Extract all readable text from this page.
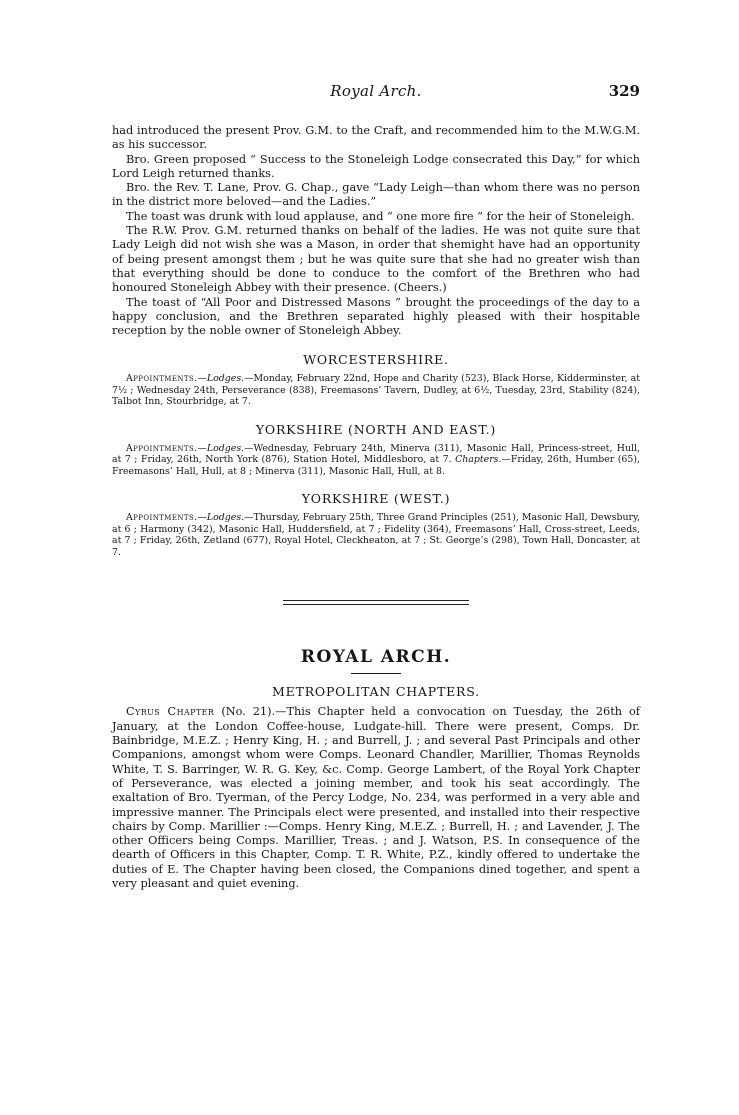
Royal Arch.	329

had introduced the present Prov. G.M. to the Craft, and recommended him to the M.W.G.M. as his successor.

Bro. Green proposed “ Success to the Stoneleigh Lodge consecrated this Day,” for which Lord Leigh returned thanks.

Bro. the Rev. T. Lane, Prov. G. Chap., gave “Lady Leigh—than whom there was no person in the district more beloved—and the Ladies.”

The toast was drunk with loud applause, and “ one more fire ” for the heir of Stoneleigh.

The R.W. Prov. G.M. returned thanks on behalf of the ladies. He was not quite sure that Lady Leigh did not wish she was a Mason, in order that shemight have had an opportunity of being present amongst them ; but he was quite sure that she had no greater wish than that everything should be done to conduce to the comfort of the Brethren who had honoured Stoneleigh Abbey with their presence. (Cheers.)

The toast of “All Poor and Distressed Masons ” brought the proceedings of the day to a happy conclusion, and the Brethren separated highly pleased with their hospitable reception by the noble owner of Stoneleigh Abbey.

WORCESTERSHIRE.

Appointments.—Lodges.—Monday, February 22nd, Hope and Charity (523), Black Horse, Kidderminster, at 7½ ; Wednesday 24th, Perseverance (838), Freemasons’ Tavern, Dudley, at 6½, Tuesday, 23rd, Stability (824), Talbot Inn, Stourbridge, at 7.

YORKSHIRE (NORTH AND EAST.)

Appointments.—Lodges.—Wednesday, February 24th, Minerva (311), Masonic Hall, Princess-street, Hull, at 7 ; Friday, 26th, North York (876), Station Hotel, Middlesboro, at 7. Chapters.—Friday, 26th, Humber (65), Freemasons’ Hall, Hull, at 8 ; Minerva (311), Masonic Hall, Hull, at 8.

YORKSHIRE (WEST.)

Appointments.—Lodges.—Thursday, February 25th, Three Grand Principles (251), Masonic Hall, Dewsbury, at 6 ; Harmony (342), Masonic Hall, Huddersfield, at 7 ; Fidelity (364), Freemasons’ Hall, Cross-street, Leeds, at 7 ; Friday, 26th, Zetland (677), Royal Hotel, Cleckheaton, at 7 ; St. George’s (298), Town Hall, Doncaster, at 7.

ROYAL ARCH.
METROPOLITAN CHAPTERS.

Cyrus Chapter (No. 21).—This Chapter held a convocation on Tuesday, the 26th of January, at the London Coffee-house, Ludgate-hill. There were present, Comps. Dr. Bainbridge, M.E.Z. ; Henry King, H. ; and Burrell, J. ; and several Past Principals and other Companions, amongst whom were Comps. Leonard Chandler, Marillier, Thomas Reynolds White, T. S. Barringer, W. R. G. Key, &c. Comp. George Lambert, of the Royal York Chapter of Perseverance, was elected a joining member, and took his seat accordingly. The exaltation of Bro. Tyerman, of the Percy Lodge, No. 234, was performed in a very able and impressive manner. The Principals elect were presented, and installed into their respective chairs by Comp. Marillier :—Comps. Henry King, M.E.Z. ; Burrell, H. ; and Lavender, J. The other Officers being Comps. Marillier, Treas. ; and J. Watson, P.S. In consequence of the dearth of Officers in this Chapter, Comp. T. R. White, P.Z., kindly offered to undertake the duties of E. The Chapter having been closed, the Companions dined together, and spent a very pleasant and quiet evening.
